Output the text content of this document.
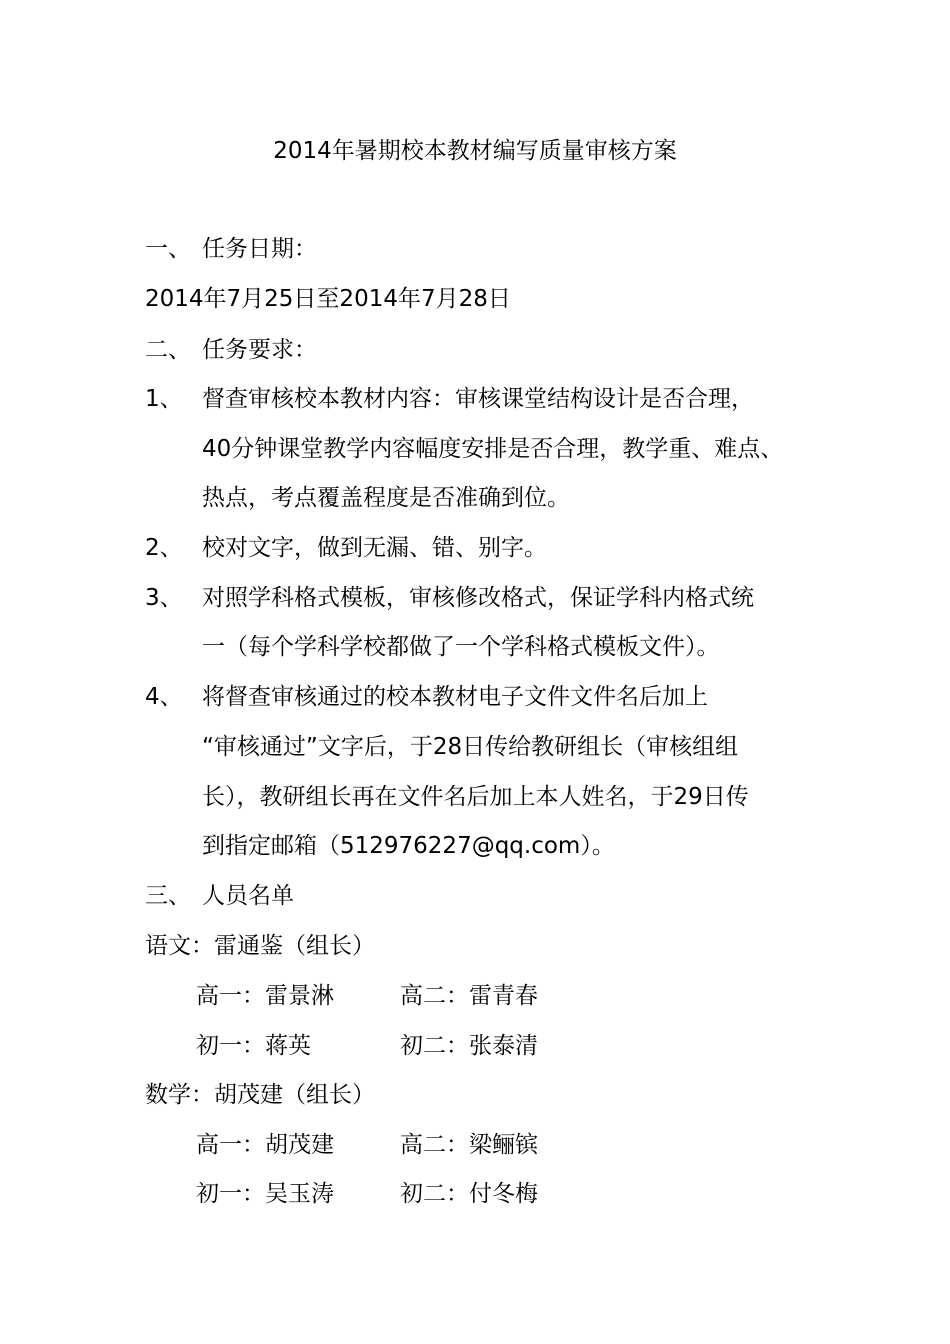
2014年暑期校本教材编写质量审核方案
一、 任务日期：
2014年7月25日至2014年7月28日
二、 任务要求：
1、 督查审核校本教材内容：审核课堂结构设计是否合理，
40分钟课堂教学内容幅度安排是否合理，教学重、难点、
热点，考点覆盖程度是否准确到位。
2、 校对文字，做到无漏、错、别字。
3、 对照学科格式模板，审核修改格式，保证学科内格式统
一（每个学科学校都做了一个学科格式模板文件）。
4、 将督查审核通过的校本教材电子文件文件名后加上
“审核通过”文字后，于28日传给教研组长（审核组组
长），教研组长再在文件名后加上本人姓名，于29日传
到指定邮箱（512976227@qq.com）。
三、 人员名单
语文：雷通鉴（组长）
高一：雷景淋	高二：雷青春
初一：蒋英	初二：张泰清
数学：胡茂建（组长）
高一：胡茂建	高二：梁鲡镔
初一：吴玉涛	初二：付冬梅
